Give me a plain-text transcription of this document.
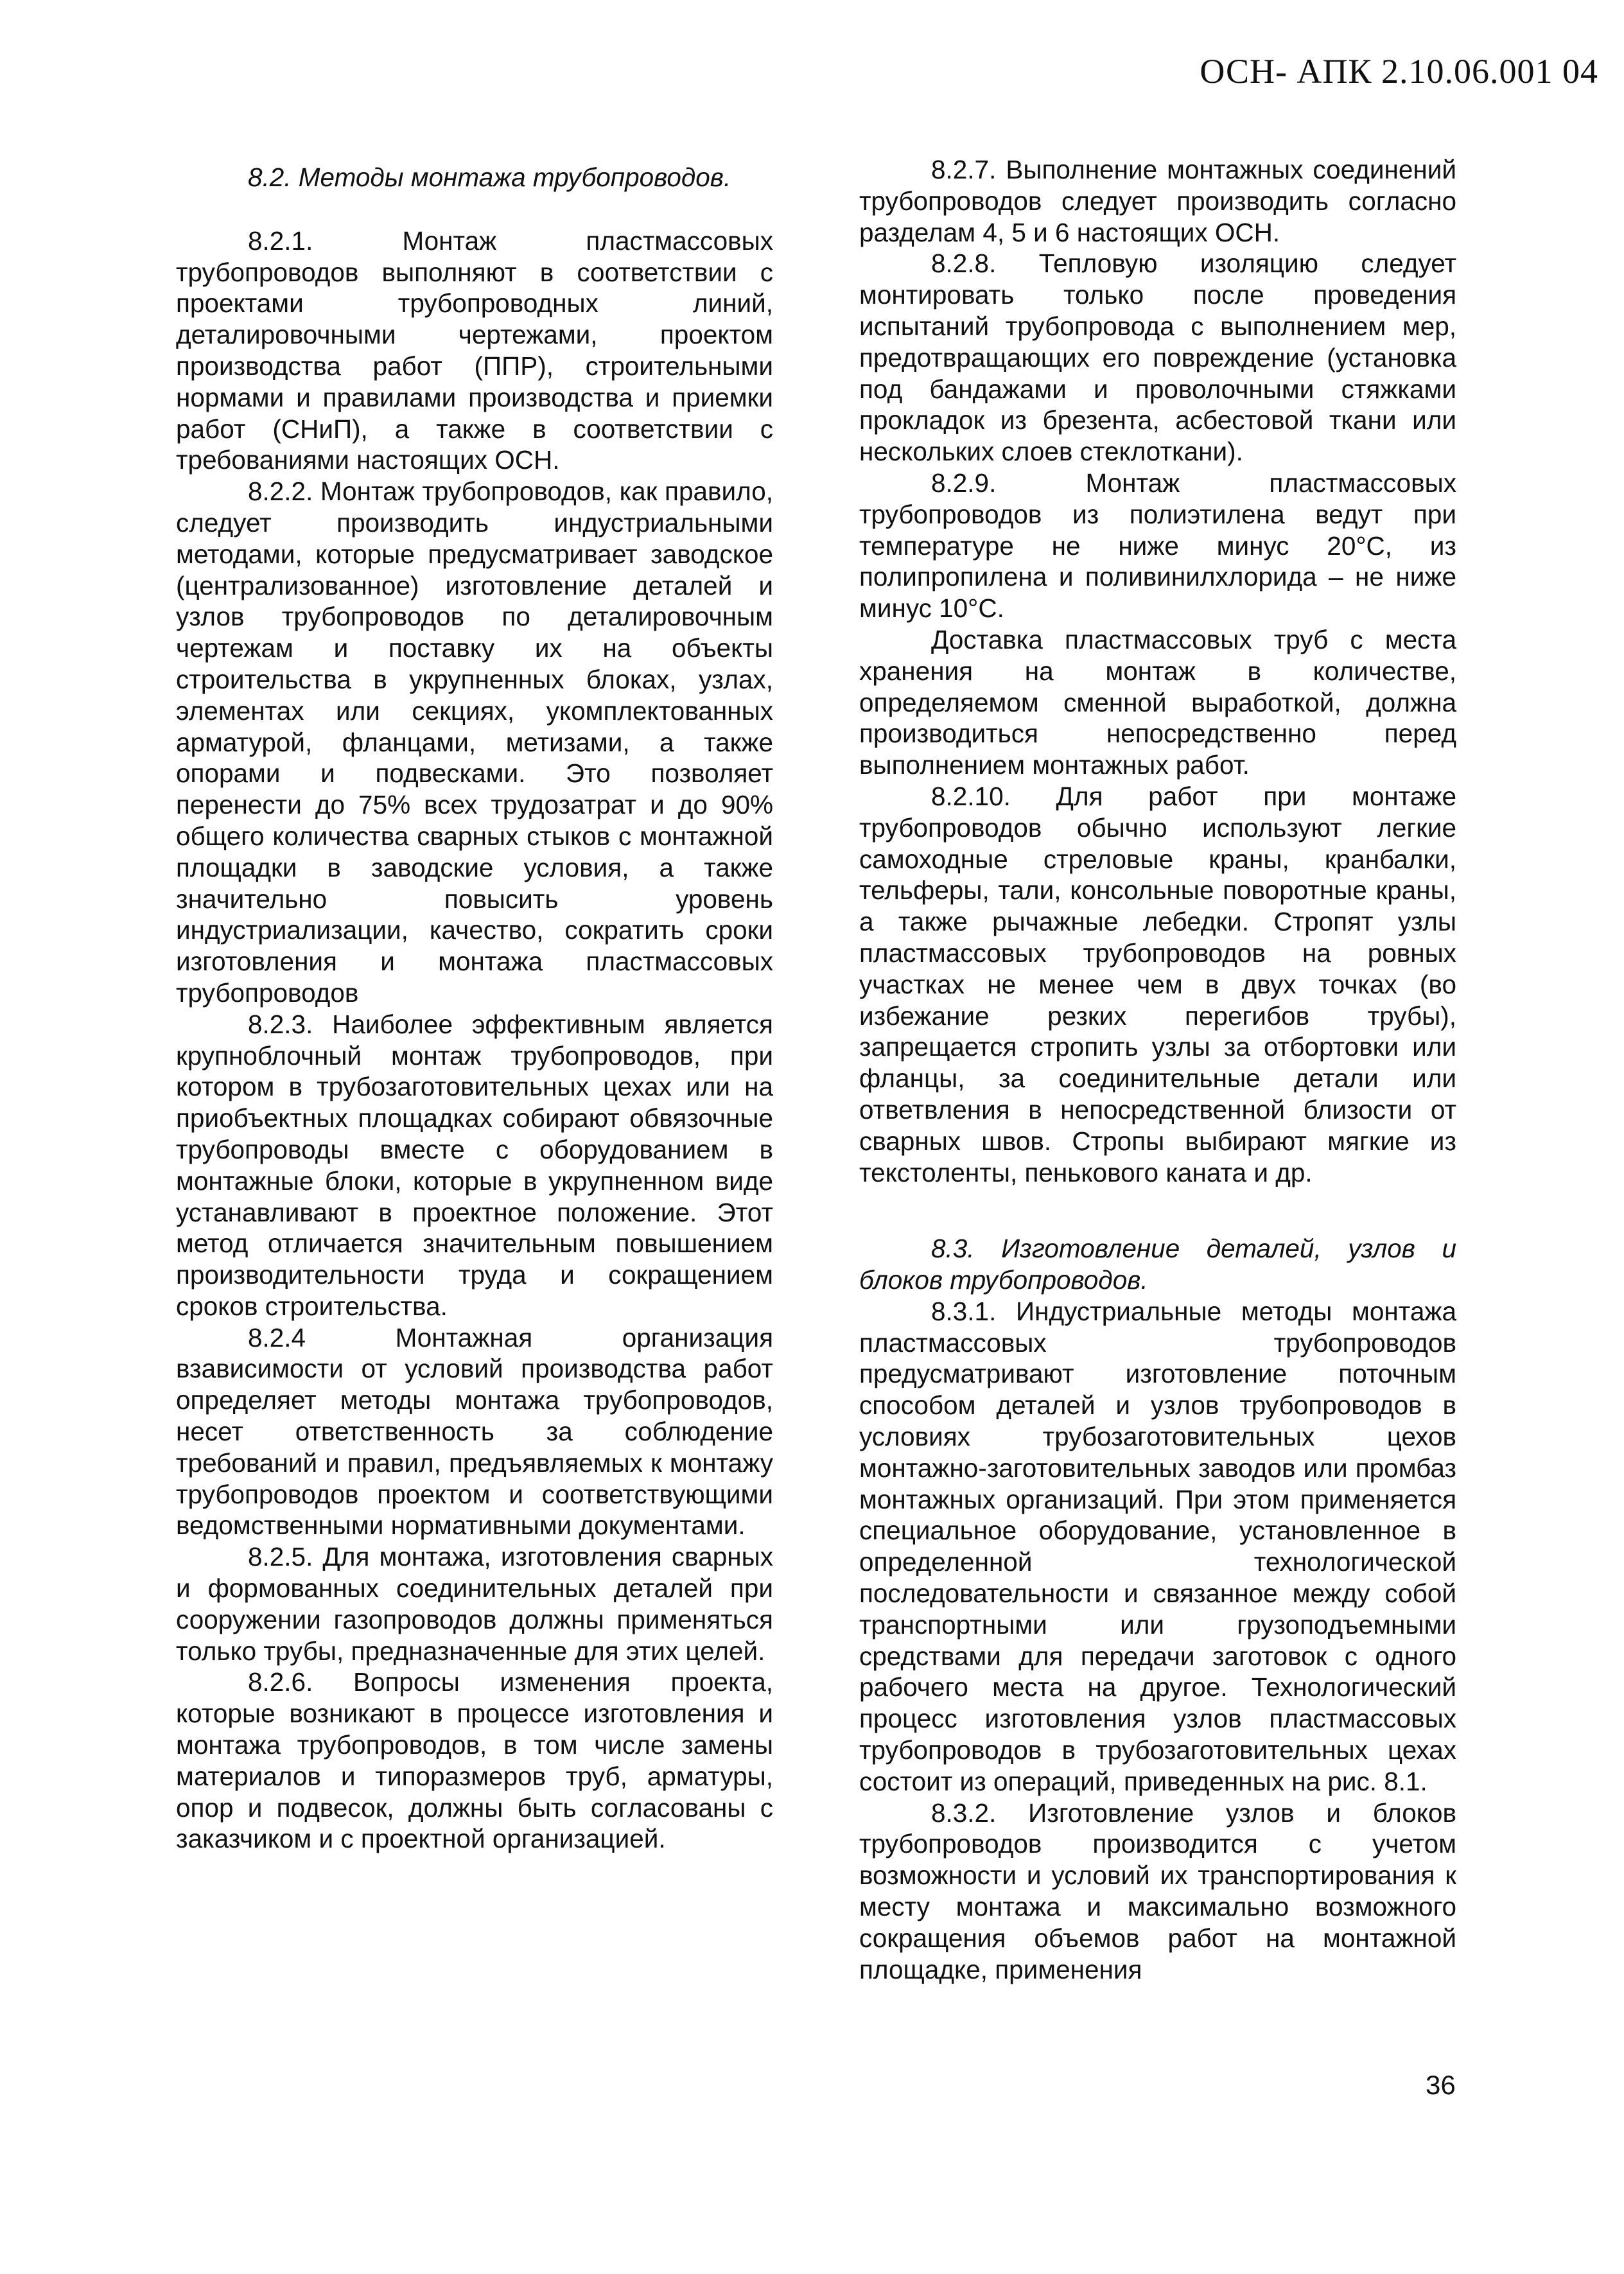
ОСН- АПК 2.10.06.001 04

8.2. Методы монтажа трубопроводов.

8.2.1. Монтаж пластмассовых трубопроводов выполняют в соответствии с проектами трубопроводных линий, деталировочными чертежами, проектом производства работ (ППР), строительными нормами и правилами производства и приемки работ (СНиП), а также в соответствии с требованиями настоящих ОСН.

8.2.2. Монтаж трубопроводов, как правило, следует производить индустриальными методами, которые предусматривает заводское (централизованное) изготовление деталей и узлов трубопроводов по деталировочным чертежам и поставку их на объекты строительства в укрупненных блоках, узлах, элементах или секциях, укомплектованных арматурой, фланцами, метизами, а также опорами и подвесками. Это позволяет перенести до 75% всех трудозатрат и до 90% общего количества сварных стыков с монтажной площадки в заводские условия, а также значительно повысить уровень индустриализации, качество, сократить сроки изготовления и монтажа пластмассовых трубопроводов

8.2.3. Наиболее эффективным является крупноблочный монтаж трубопроводов, при котором в трубозаготовительных цехах или на приобъектных площадках собирают обвязочные трубопроводы вместе с оборудованием в монтажные блоки, которые в укрупненном виде устанавливают в проектное положение. Этот метод отличается значительным повышением производительности труда и сокращением сроков строительства.

8.2.4 Монтажная организация взависимости от условий производства работ определяет методы монтажа трубопроводов, несет ответственность за соблюдение требований и правил, предъявляемых к монтажу трубопроводов проектом и соответствующими ведомственными нормативными документами.

8.2.5. Для монтажа, изготовления сварных и формованных соединительных деталей при сооружении газопроводов должны применяться только трубы, предназначенные для этих целей.

8.2.6. Вопросы изменения проекта, которые возникают в процессе изготовления и монтажа трубопроводов, в том числе замены материалов и типоразмеров труб, арматуры, опор и подвесок, должны быть согласованы с заказчиком и с проектной организацией.

8.2.7. Выполнение монтажных соединений трубопроводов следует производить согласно разделам 4, 5 и 6 настоящих ОСН.

8.2.8. Тепловую изоляцию следует монтировать только после проведения испытаний трубопровода с выполнением мер, предотвращающих его повреждение (установка под бандажами и проволочными стяжками прокладок из брезента, асбестовой ткани или нескольких слоев стеклоткани).

8.2.9. Монтаж пластмассовых трубопроводов из полиэтилена ведут при температуре не ниже минус 20°С, из полипропилена и поливинилхлорида – не ниже минус 10°С.

Доставка пластмассовых труб с места хранения на монтаж в количестве, определяемом сменной выработкой, должна производиться непосредственно перед выполнением монтажных работ.

8.2.10. Для работ при монтаже трубопроводов обычно используют легкие самоходные стреловые краны, кранбалки, тельферы, тали, консольные поворотные краны, а также рычажные лебедки. Стропят узлы пластмассовых трубопроводов на ровных участках не менее чем в двух точках (во избежание резких перегибов трубы), запрещается стропить узлы за отбортовки или фланцы, за соединительные детали или ответвления в непосредственной близости от сварных швов. Стропы выбирают мягкие из текстоленты, пенькового каната и др.

8.3. Изготовление деталей, узлов и блоков трубопроводов.

8.3.1. Индустриальные методы монтажа пластмассовых трубопроводов предусматривают изготовление поточным способом деталей и узлов трубопроводов в условиях трубозаготовительных цехов монтажно-заготовительных заводов или промбаз монтажных организаций. При этом применяется специальное оборудование, установленное в определенной технологической последовательности и связанное между собой транспортными или грузоподъемными средствами для передачи заготовок с одного рабочего места на другое. Технологический процесс изготовления узлов пластмассовых трубопроводов в трубозаготовительных цехах состоит из операций, приведенных на рис. 8.1.

8.3.2. Изготовление узлов и блоков трубопроводов производится с учетом возможности и условий их транспортирования к месту монтажа и максимально возможного сокращения объемов работ на монтажной площадке, применения

36
